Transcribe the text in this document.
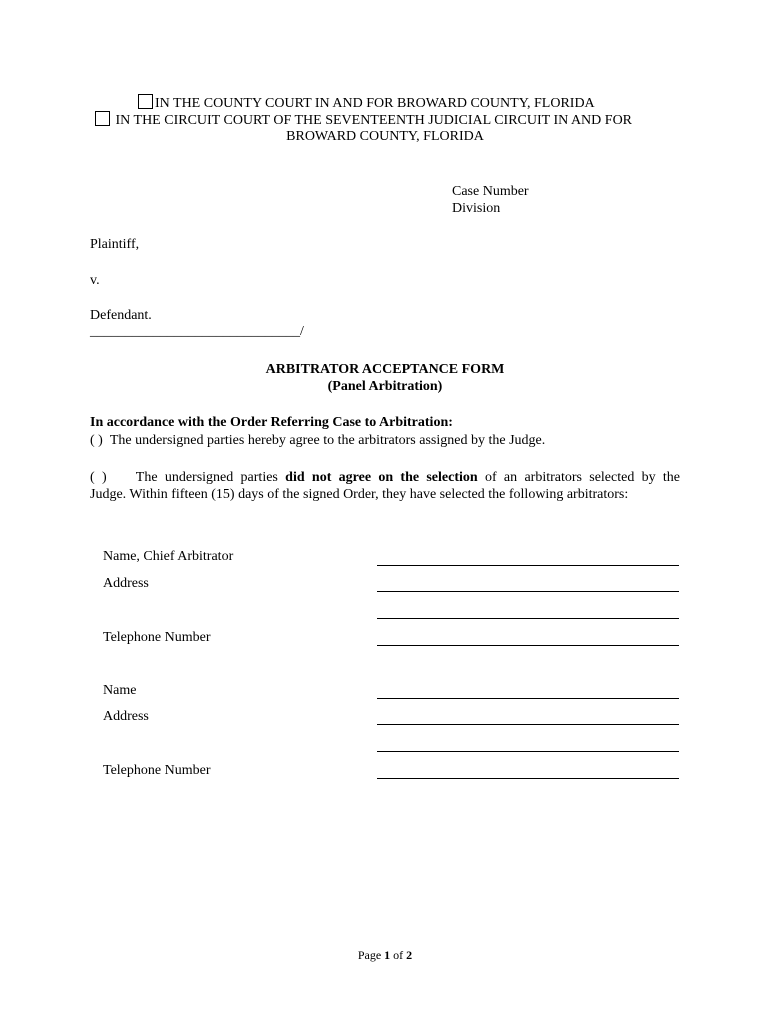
IN THE COUNTY COURT IN AND FOR BROWARD COUNTY, FLORIDA
IN THE CIRCUIT COURT OF THE SEVENTEENTH JUDICIAL CIRCUIT IN AND FOR
BROWARD COUNTY, FLORIDA
Case Number
Division
Plaintiff,
v.
Defendant.
______________________________/
ARBITRATOR ACCEPTANCE FORM
(Panel Arbitration)
In accordance with the Order Referring Case to Arbitration:
( ) The undersigned parties hereby agree to the arbitrators assigned by the Judge.
( ) The undersigned parties did not agree on the selection of an arbitrators selected by the
Judge. Within fifteen (15) days of the signed Order, they have selected the following arbitrators:
Name, Chief Arbitrator
Address
Telephone Number
Name
Address
Telephone Number
Page 1 of 2
